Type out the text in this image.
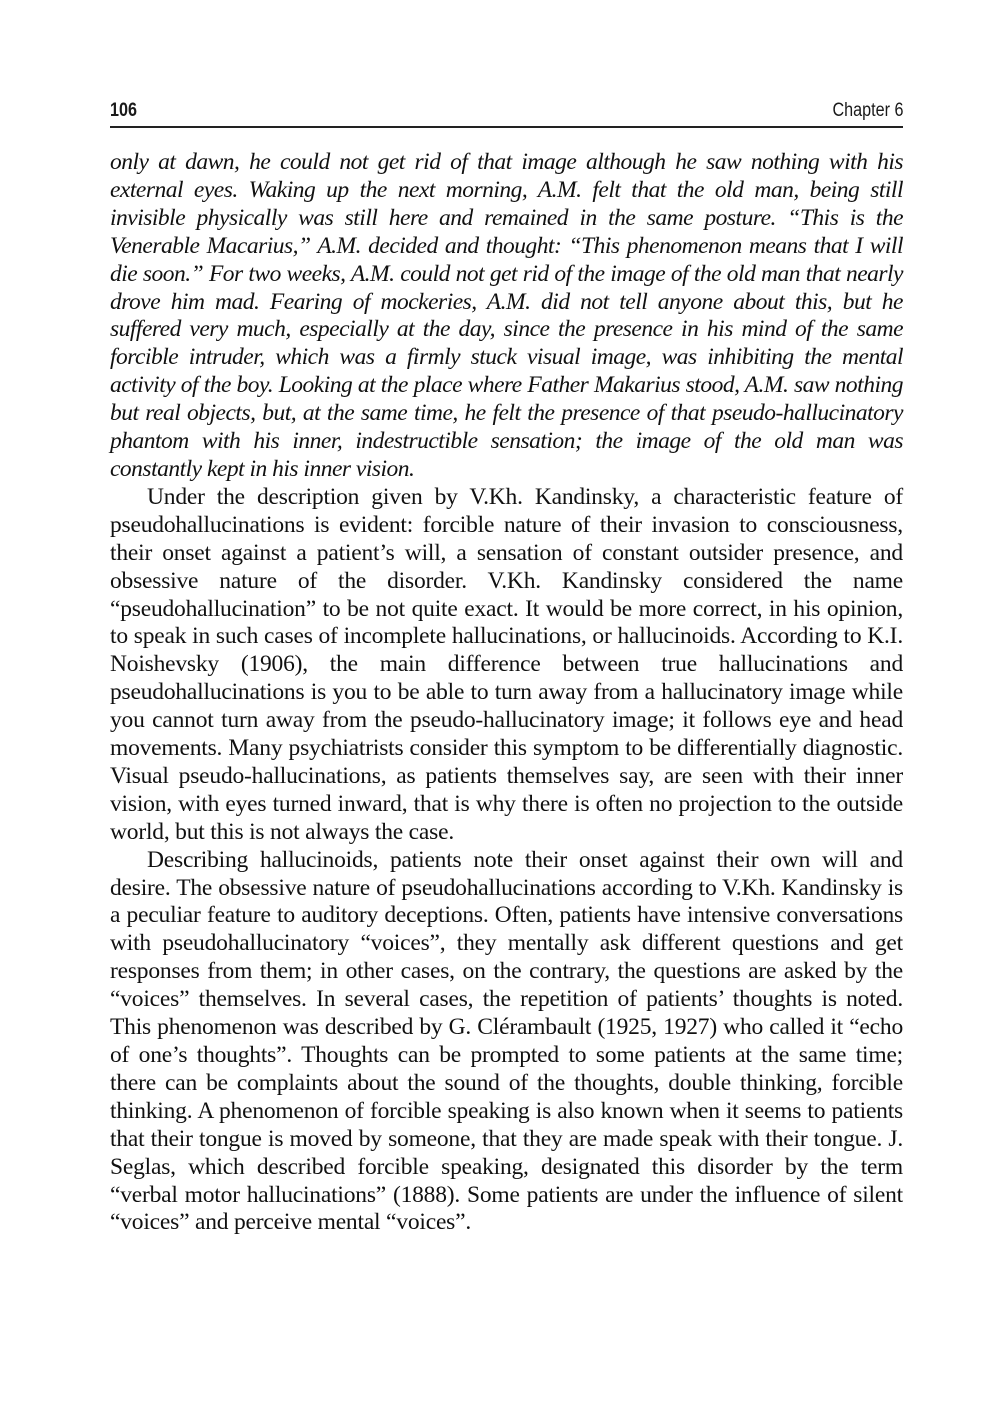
106	Chapter 6

only at dawn, he could not get rid of that image although he saw nothing with his external eyes. Waking up the next morning, A.M. felt that the old man, being still invisible physically was still here and remained in the same posture. “This is the Venerable Macarius,” A.M. decided and thought: “This phenomenon means that I will die soon.” For two weeks, A.M. could not get rid of the image of the old man that nearly drove him mad. Fearing of mockeries, A.M. did not tell anyone about this, but he suffered very much, especially at the day, since the presence in his mind of the same forcible intruder, which was a firmly stuck visual image, was inhibiting the mental activity of the boy. Looking at the place where Father Makarius stood, A.M. saw nothing but real objects, but, at the same time, he felt the presence of that pseudo-hallucinatory phantom with his inner, indestructible sensation; the image of the old man was constantly kept in his inner vision.

Under the description given by V.Kh. Kandinsky, a characteristic feature of pseudohallucinations is evident: forcible nature of their invasion to consciousness, their onset against a patient’s will, a sensation of constant outsider presence, and obsessive nature of the disorder. V.Kh. Kandinsky considered the name “pseudohallucination” to be not quite exact. It would be more correct, in his opinion, to speak in such cases of incomplete hallucinations, or hallucinoids. According to K.I. Noishevsky (1906), the main difference between true hallucinations and pseudohallucinations is you to be able to turn away from a hallucinatory image while you cannot turn away from the pseudo-hallucinatory image; it follows eye and head movements. Many psychiatrists consider this symptom to be differentially diagnostic. Visual pseudo-hallucinations, as patients themselves say, are seen with their inner vision, with eyes turned inward, that is why there is often no projection to the outside world, but this is not always the case.

Describing hallucinoids, patients note their onset against their own will and desire. The obsessive nature of pseudohallucinations according to V.Kh. Kandinsky is a peculiar feature to auditory deceptions. Often, patients have intensive conversations with pseudohallucinatory “voices”, they mentally ask different questions and get responses from them; in other cases, on the contrary, the questions are asked by the “voices” themselves. In several cases, the repetition of patients’ thoughts is noted. This phenomenon was described by G. Clérambault (1925, 1927) who called it “echo of one’s thoughts”. Thoughts can be prompted to some patients at the same time; there can be complaints about the sound of the thoughts, double thinking, forcible thinking. A phenomenon of forcible speaking is also known when it seems to patients that their tongue is moved by someone, that they are made speak with their tongue. J. Seglas, which described forcible speaking, designated this disorder by the term “verbal motor hallucinations” (1888). Some patients are under the influence of silent “voices” and perceive mental “voices”.
